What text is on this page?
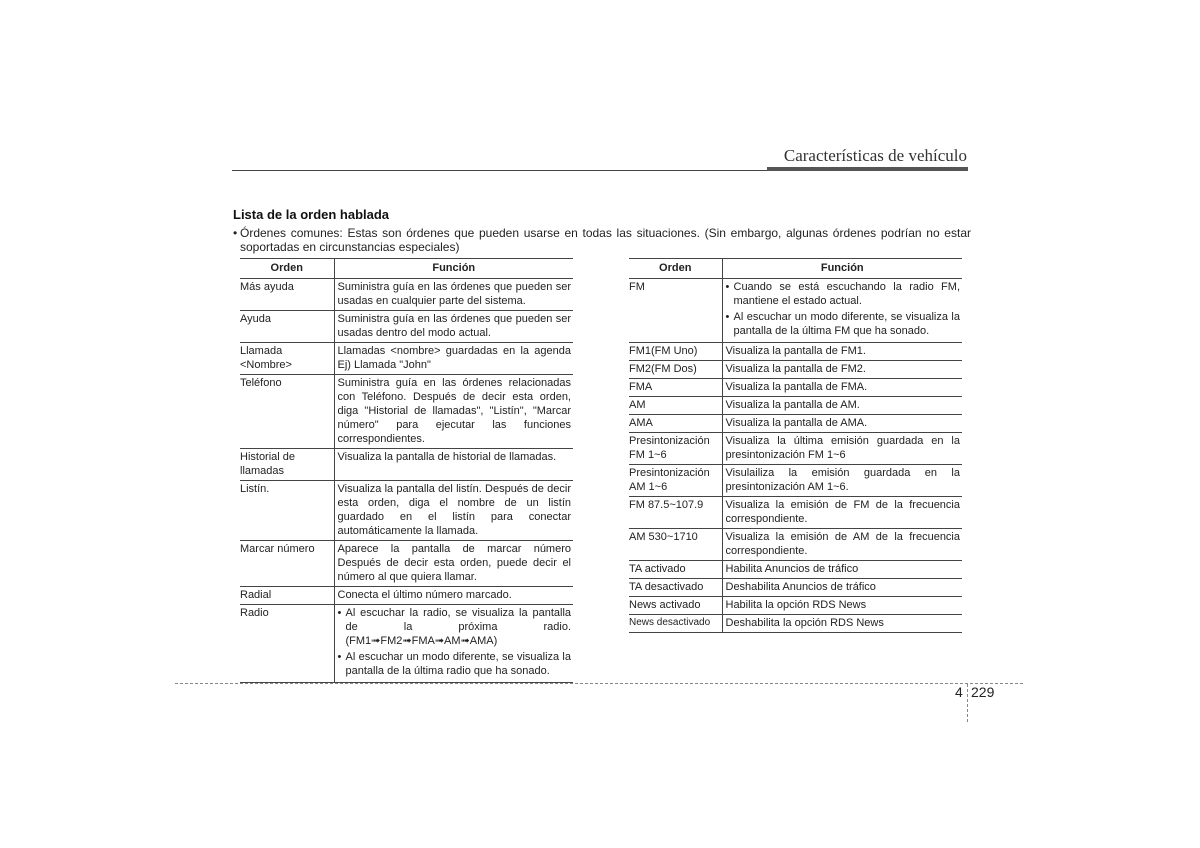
Características de vehículo
Lista de la orden hablada
• Órdenes comunes: Estas son órdenes que pueden usarse en todas las situaciones. (Sin embargo, algunas órdenes podrían no estar soportadas en circunstancias especiales)
Orden	Función
Más ayuda	Suministra guía en las órdenes que pueden ser usadas en cualquier parte del sistema.
Ayuda	Suministra guía en las órdenes que pueden ser usadas dentro del modo actual.
Llamada <Nombre>	Llamadas <nombre> guardadas en la agenda Ej) Llamada "John"
Teléfono	Suministra guía en las órdenes relacionadas con Teléfono. Después de decir esta orden, diga "Historial de llamadas", "Listín", "Marcar número" para ejecutar las funciones correspondientes.
Historial de llamadas	Visualiza la pantalla de historial de llamadas.
Listín.	Visualiza la pantalla del listín. Después de decir esta orden, diga el nombre de un listín guardado en el listín para conectar automáticamente la llamada.
Marcar número	Aparece la pantalla de marcar número Después de decir esta orden, puede decir el número al que quiera llamar.
Radial	Conecta el último número marcado.
Radio	• Al escuchar la radio, se visualiza la pantalla de la próxima radio. (FM1➟FM2➟FMA➟AM➟AMA)
• Al escuchar un modo diferente, se visualiza la pantalla de la última radio que ha sonado.
Orden	Función
FM	• Cuando se está escuchando la radio FM, mantiene el estado actual.
• Al escuchar un modo diferente, se visualiza la pantalla de la última FM que ha sonado.

FM1(FM Uno)	Visualiza la pantalla de FM1.
FM2(FM Dos)	Visualiza la pantalla de FM2.
FMA	Visualiza la pantalla de FMA.
AM	Visualiza la pantalla de AM.
AMA	Visualiza la pantalla de AMA.
Presintonización FM 1~6	Visualiza la última emisión guardada en la presintonización FM 1~6
Presintonización AM 1~6	Visulailiza la emisión guardada en la presintonización AM 1~6.
FM 87.5~107.9	Visualiza la emisión de FM de la frecuencia correspondiente.
AM 530~1710	Visualiza la emisión de AM de la frecuencia correspondiente.
TA activado	Habilita Anuncios de tráfico
TA desactivado	Deshabilita Anuncios de tráfico
News activado	Habilita la opción RDS News
News desactivado	Deshabilita la opción RDS News
4 229
